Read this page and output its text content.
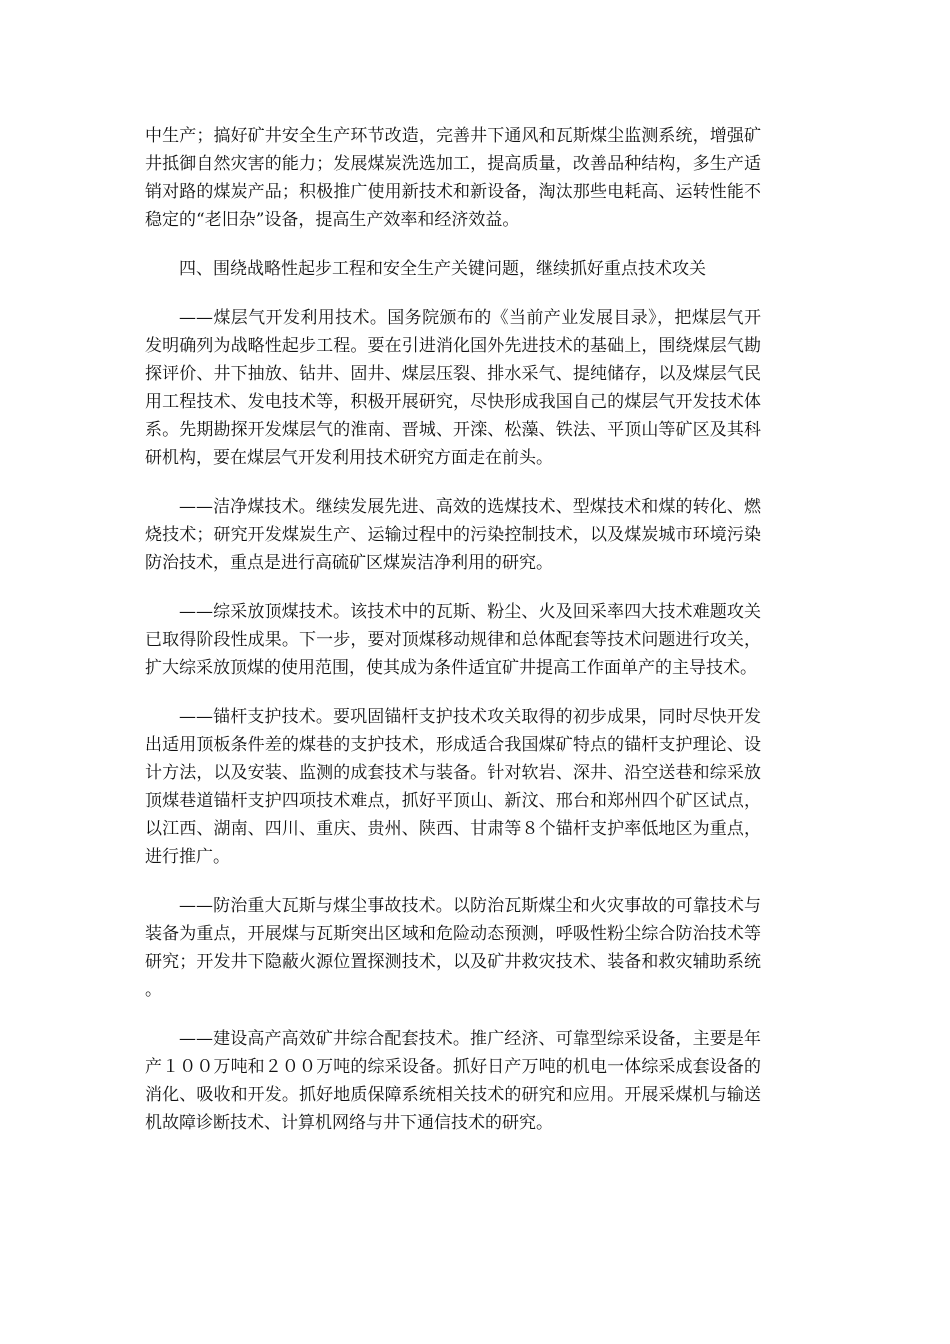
中生产；搞好矿井安全生产环节改造，完善井下通风和瓦斯煤尘监测系统，增强矿井抵御自然灾害的能力；发展煤炭洗选加工，提高质量，改善品种结构，多生产适销对路的煤炭产品；积极推广使用新技术和新设备，淘汰那些电耗高、运转性能不稳定的“老旧杂”设备，提高生产效率和经济效益。

四、围绕战略性起步工程和安全生产关键问题，继续抓好重点技术攻关

——煤层气开发利用技术。国务院颁布的《当前产业发展目录》，把煤层气开发明确列为战略性起步工程。要在引进消化国外先进技术的基础上，围绕煤层气勘探评价、井下抽放、钻井、固井、煤层压裂、排水采气、提纯储存，以及煤层气民用工程技术、发电技术等，积极开展研究，尽快形成我国自己的煤层气开发技术体系。先期勘探开发煤层气的淮南、晋城、开滦、松藻、铁法、平顶山等矿区及其科研机构，要在煤层气开发利用技术研究方面走在前头。

——洁净煤技术。继续发展先进、高效的选煤技术、型煤技术和煤的转化、燃烧技术；研究开发煤炭生产、运输过程中的污染控制技术，以及煤炭城市环境污染防治技术，重点是进行高硫矿区煤炭洁净利用的研究。

——综采放顶煤技术。该技术中的瓦斯、粉尘、火及回采率四大技术难题攻关已取得阶段性成果。下一步，要对顶煤移动规律和总体配套等技术问题进行攻关，扩大综采放顶煤的使用范围，使其成为条件适宜矿井提高工作面单产的主导技术。

——锚杆支护技术。要巩固锚杆支护技术攻关取得的初步成果，同时尽快开发出适用顶板条件差的煤巷的支护技术，形成适合我国煤矿特点的锚杆支护理论、设计方法，以及安装、监测的成套技术与装备。针对软岩、深井、沿空送巷和综采放顶煤巷道锚杆支护四项技术难点，抓好平顶山、新汶、邢台和郑州四个矿区试点，以江西、湖南、四川、重庆、贵州、陕西、甘肃等８个锚杆支护率低地区为重点，进行推广。

——防治重大瓦斯与煤尘事故技术。以防治瓦斯煤尘和火灾事故的可靠技术与装备为重点，开展煤与瓦斯突出区域和危险动态预测，呼吸性粉尘综合防治技术等研究；开发井下隐蔽火源位置探测技术，以及矿井救灾技术、装备和救灾辅助系统。

——建设高产高效矿井综合配套技术。推广经济、可靠型综采设备，主要是年产１００万吨和２００万吨的综采设备。抓好日产万吨的机电一体综采成套设备的消化、吸收和开发。抓好地质保障系统相关技术的研究和应用。开展采煤机与输送机故障诊断技术、计算机网络与井下通信技术的研究。
